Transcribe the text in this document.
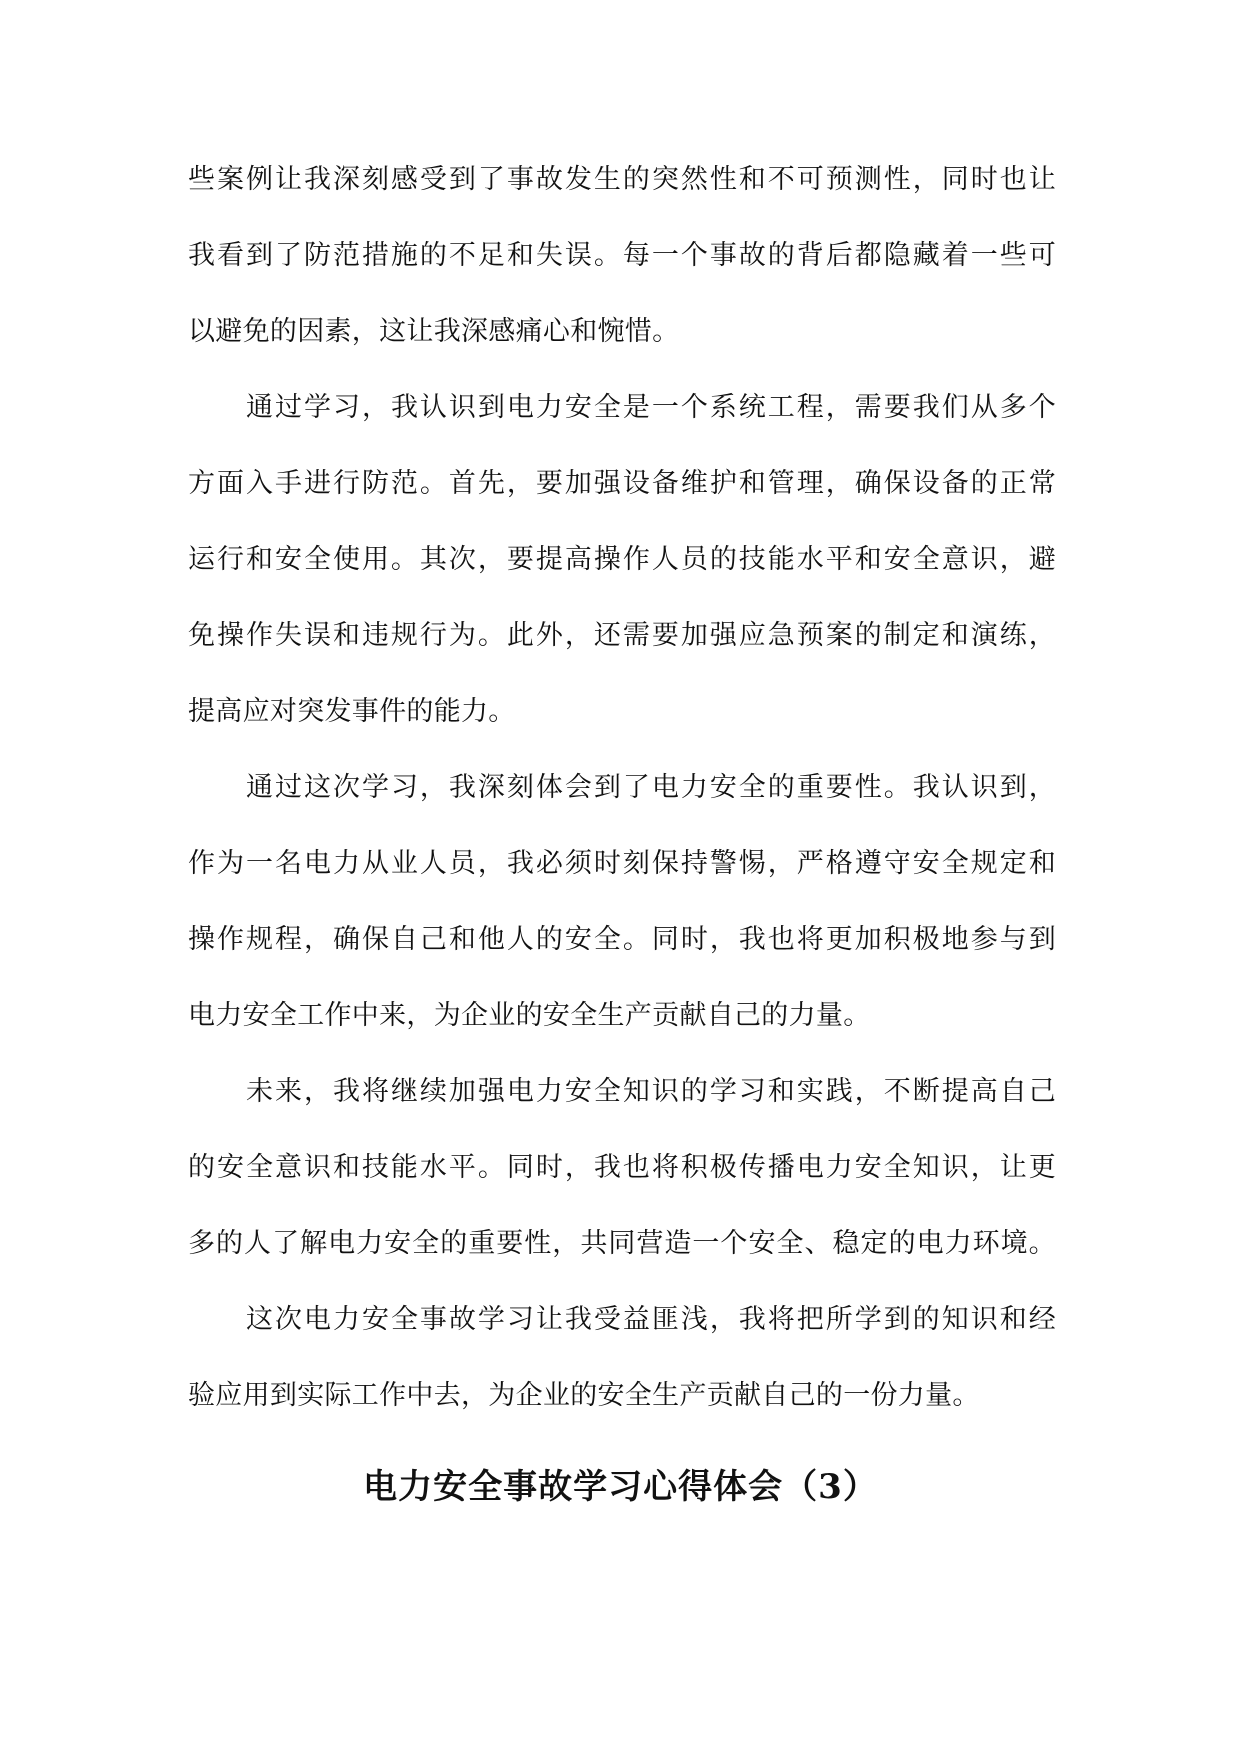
些案例让我深刻感受到了事故发生的突然性和不可预测性，同时也让
我看到了防范措施的不足和失误。每一个事故的背后都隐藏着一些可
以避免的因素，这让我深感痛心和惋惜。
通过学习，我认识到电力安全是一个系统工程，需要我们从多个
方面入手进行防范。首先，要加强设备维护和管理，确保设备的正常
运行和安全使用。其次，要提高操作人员的技能水平和安全意识，避
免操作失误和违规行为。此外，还需要加强应急预案的制定和演练，
提高应对突发事件的能力。
通过这次学习，我深刻体会到了电力安全的重要性。我认识到，
作为一名电力从业人员，我必须时刻保持警惕，严格遵守安全规定和
操作规程，确保自己和他人的安全。同时，我也将更加积极地参与到
电力安全工作中来，为企业的安全生产贡献自己的力量。
未来，我将继续加强电力安全知识的学习和实践，不断提高自己
的安全意识和技能水平。同时，我也将积极传播电力安全知识，让更
多的人了解电力安全的重要性，共同营造一个安全、稳定的电力环境。
这次电力安全事故学习让我受益匪浅，我将把所学到的知识和经
验应用到实际工作中去，为企业的安全生产贡献自己的一份力量。
电力安全事故学习心得体会（3）
